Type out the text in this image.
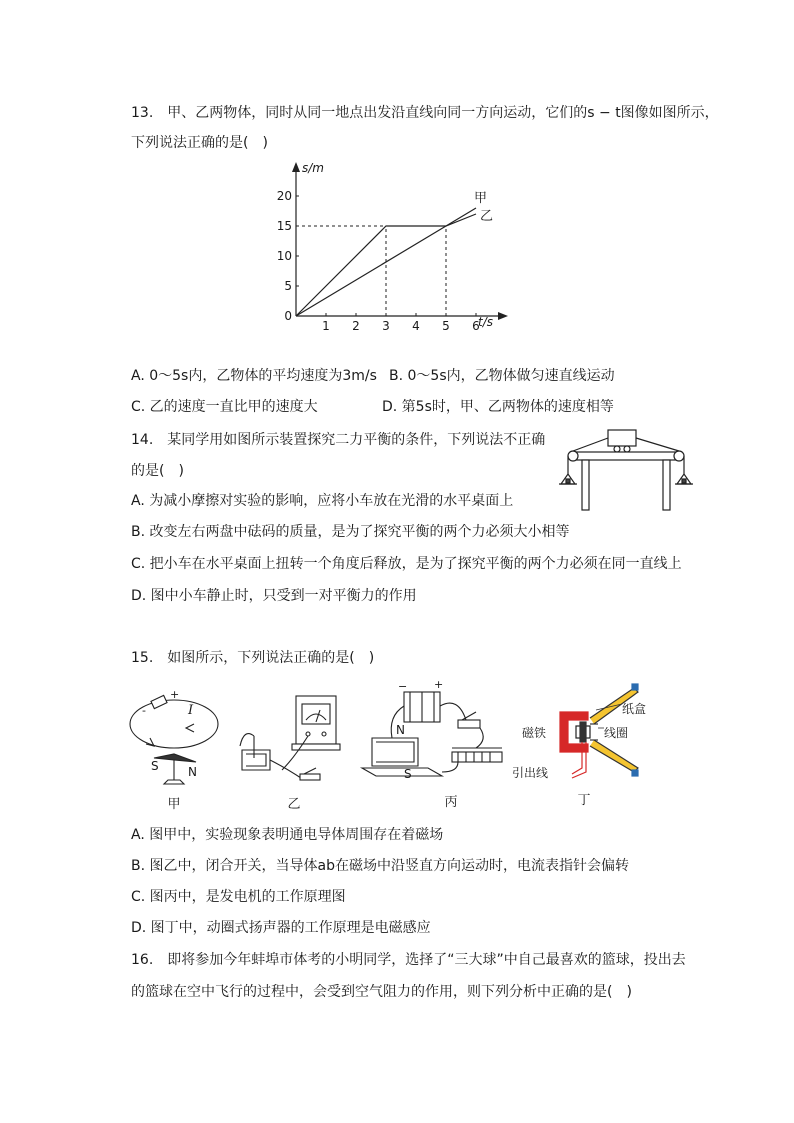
13.　甲、乙两物体，同时从同一地点出发沿直线向同一方向运动，它们的s − t图像如图所示，
下列说法正确的是(　)
1 2 3 4 5 6
5
10
15
20
0	t/s
s/m
甲
乙
A. 0～5s内，乙物体的平均速度为3m/s B. 0～5s内，乙物体做匀速直线运动
C. 乙的速度一直比甲的速度大	D. 第5s时，甲、乙两物体的速度相等
14.　某同学用如图所示装置探究二力平衡的条件，下列说法不正确
的是(　)
A. 为减小摩擦对实验的影响，应将小车放在光滑的水平桌面上
B. 改变左右两盘中砝码的质量，是为了探究平衡的两个力必须大小相等
C. 把小车在水平桌面上扭转一个角度后释放，是为了探究平衡的两个力必须在同一直线上
D. 图中小车静止时，只受到一对平衡力的作用
15.　如图所示，下列说法正确的是(　)
-
+
I
S N
甲	乙
N
S
− +
丙
磁铁	线圈
纸盒
引出线
丁
A. 图甲中，实验现象表明通电导体周围存在着磁场
B. 图乙中，闭合开关，当导体ab在磁场中沿竖直方向运动时，电流表指针会偏转
C. 图丙中，是发电机的工作原理图
D. 图丁中，动圈式扬声器的工作原理是电磁感应
16.　即将参加今年蚌埠市体考的小明同学，选择了“三大球”中自己最喜欢的篮球，投出去
的篮球在空中飞行的过程中，会受到空气阻力的作用，则下列分析中正确的是(　)
